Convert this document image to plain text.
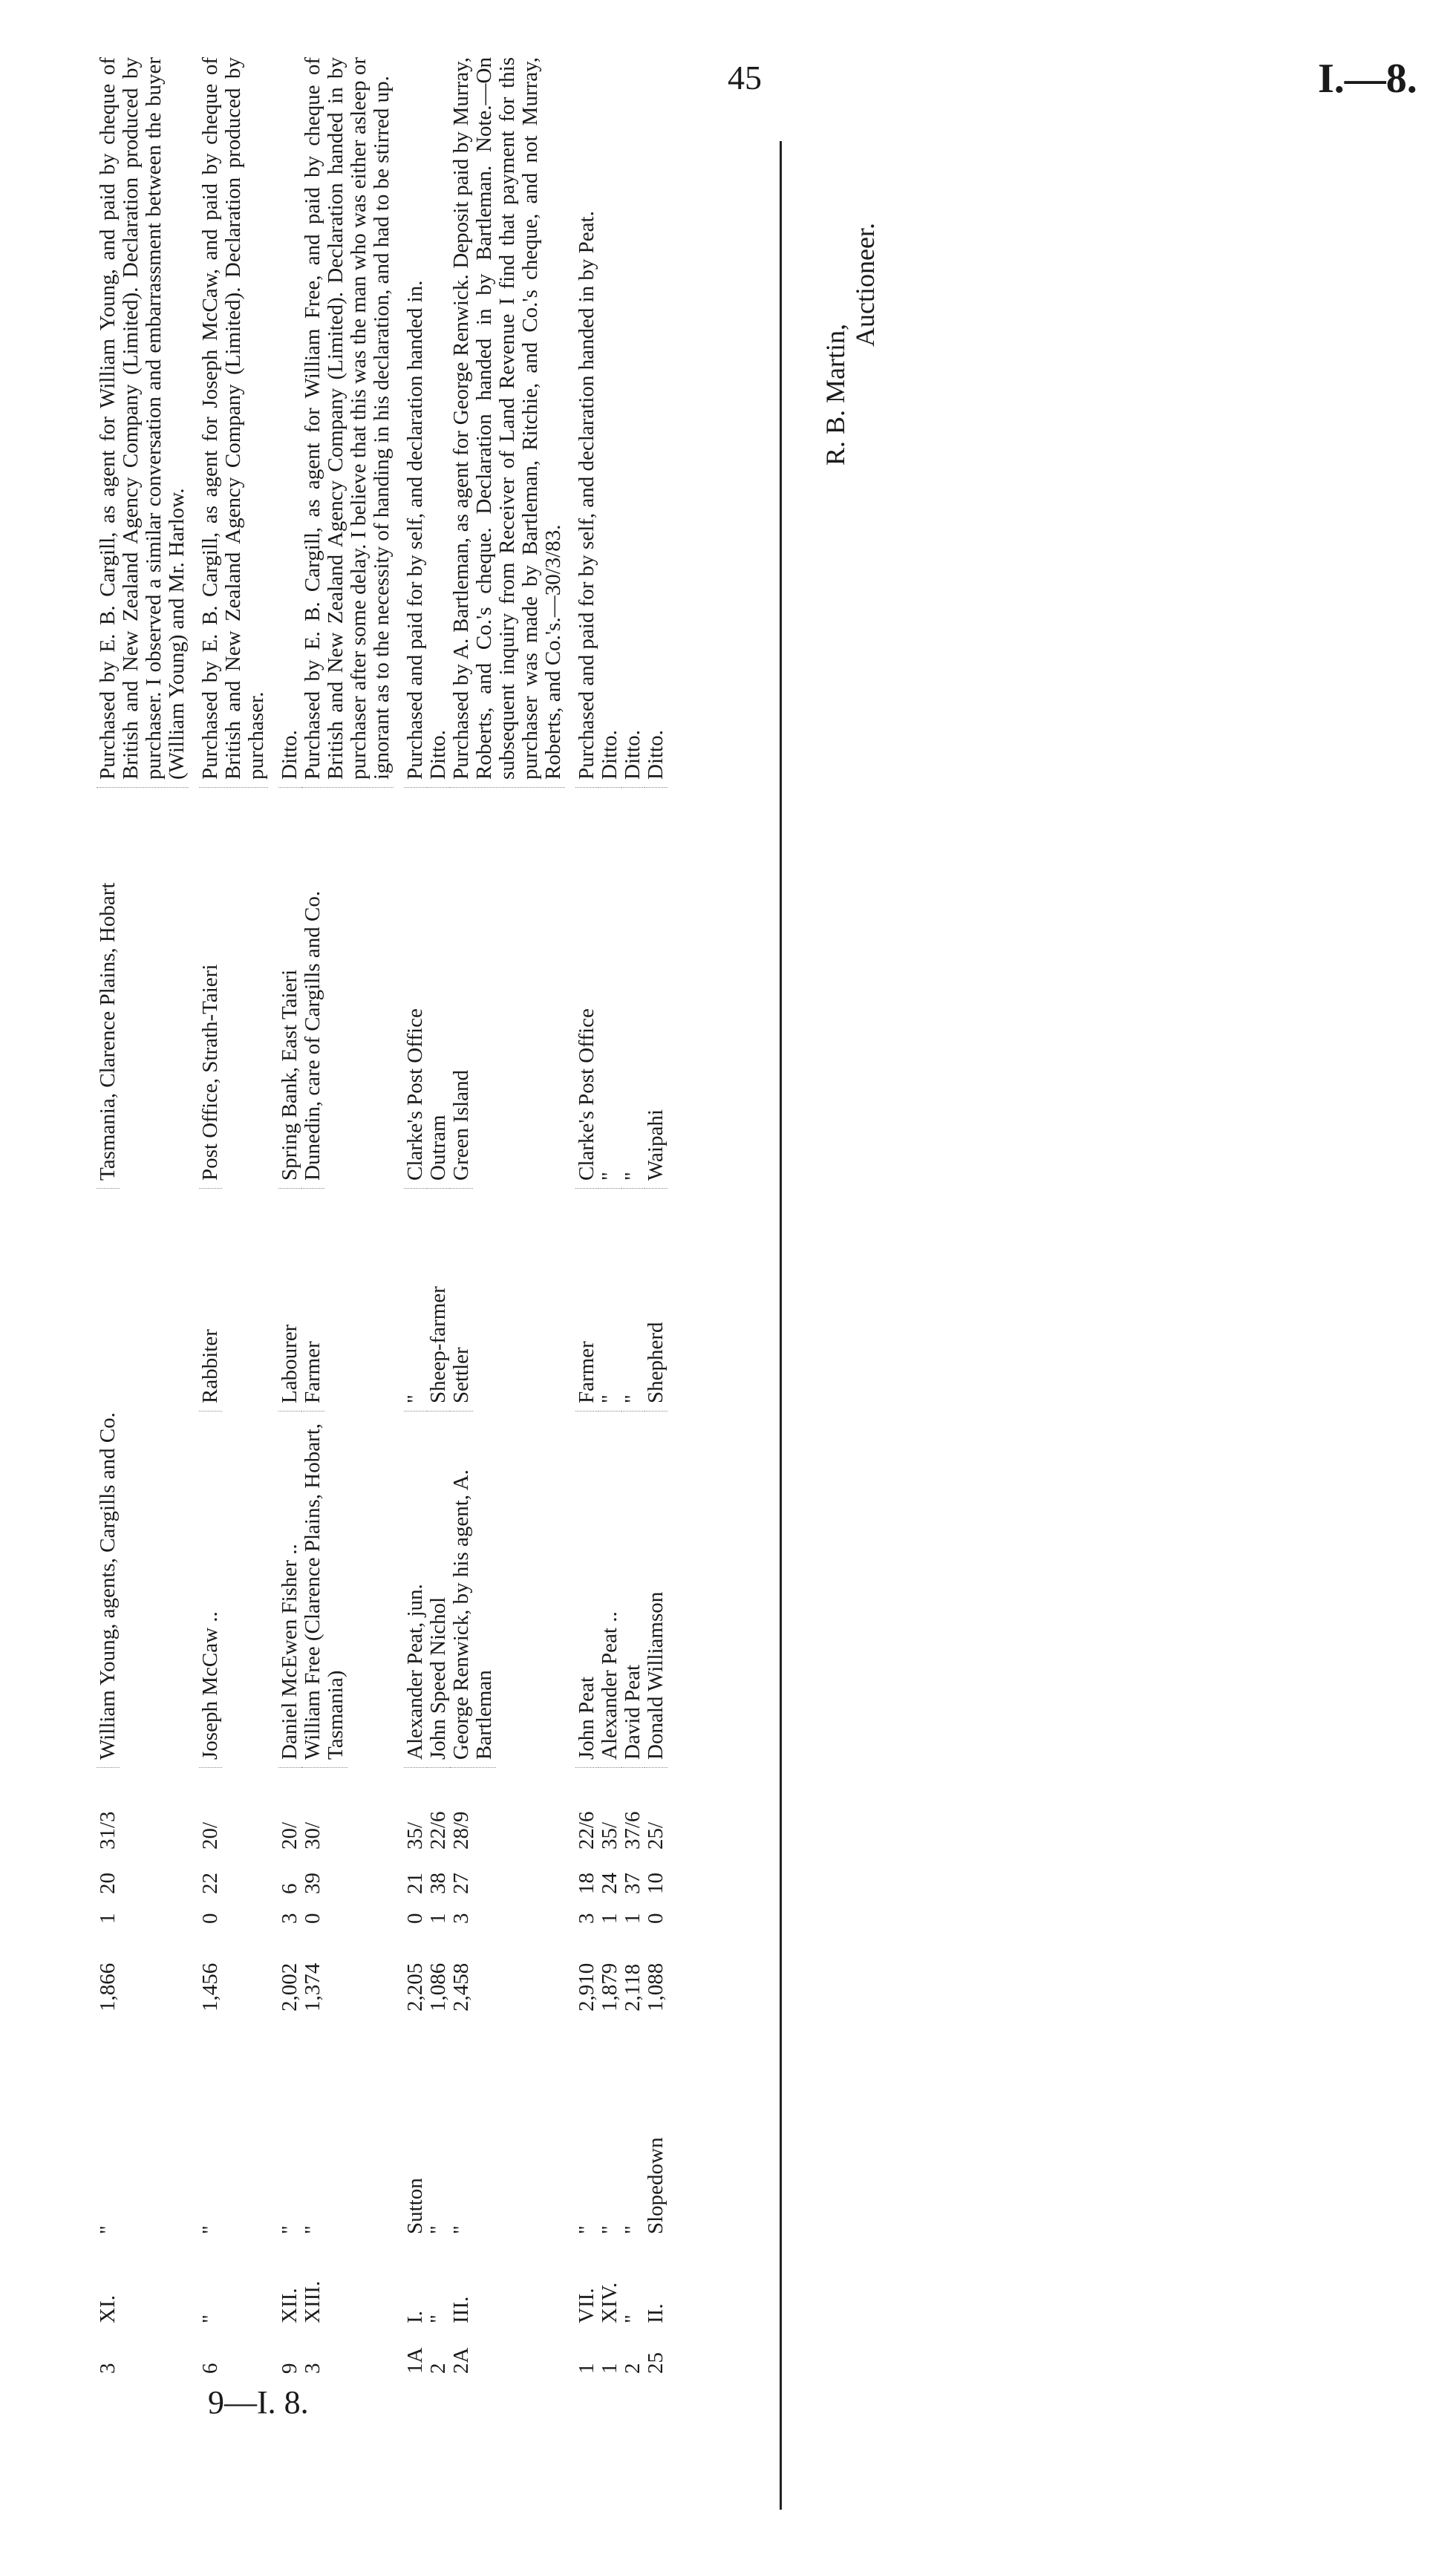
45	I.—8.
9—I. 8.
3
XI.
"
1,866
1
20
31/3
William Young, agents, Cargills and Co.
Tasmania, Clarence Plains, Hobart
Purchased by E. B. Cargill, as agent for William Young, and paid by cheque of British and New Zealand Agency Company (Limited). Declaration produced by purchaser. I observed a similar conversation and embarrassment between the buyer (William Young) and Mr. Harlow.
6
"
"
1,456
0
22
20/
Joseph McCaw ..
Rabbiter
Post Office, Strath-Taieri
Purchased by E. B. Cargill, as agent for Joseph McCaw, and paid by cheque of British and New Zealand Agency Company (Limited). Declaration produced by purchaser.
9
XII.
"
2,002
3
6
20/
Daniel McEwen Fisher ..
Labourer
Spring Bank, East Taieri
Ditto.
3
XIII.
"
1,374
0
39
30/
William Free (Clarence Plains, Hobart, Tasmania)
Farmer
Dunedin, care of Cargills and Co.
Purchased by E. B. Cargill, as agent for William Free, and paid by cheque of British and New Zealand Agency Company (Limited). Declaration handed in by purchaser after some delay. I believe that this was the man who was either asleep or ignorant as to the necessity of handing in his declaration, and had to be stirred up.
1A
I.
Sutton
2,205
0
21
35/
Alexander Peat, jun.
"
Clarke's Post Office
Purchased and paid for by self, and declaration handed in.
2
"
"
1,086
1
38
22/6
John Speed Nichol
Sheep-farmer
Outram
Ditto.
2A
III.
"
2,458
3
27
28/9
George Renwick, by his agent, A. Bartleman
Settler
Green Island
Purchased by A. Bartleman, as agent for George Renwick. Deposit paid by Murray, Roberts, and Co.'s cheque. Declaration handed in by Bartleman. Note.—On subsequent inquiry from Receiver of Land Revenue I find that payment for this purchaser was made by Bartleman, Ritchie, and Co.'s cheque, and not Murray, Roberts, and Co.'s.—30/3/83.
1
VII.
"
2,910
3
18
22/6
John Peat
Farmer
Clarke's Post Office
Purchased and paid for by self, and declaration handed in by Peat.
1
XIV.
"
1,879
1
24
35/
Alexander Peat ..
"
"
Ditto.
2
"
"
2,118
1
37
37/6
David Peat
"
"
Ditto.
25
II.
Slopedown
1,088
0
10
25/
Donald Williamson
Shepherd
Waipahi
Ditto.
R. B. Martin,
Auctioneer.
